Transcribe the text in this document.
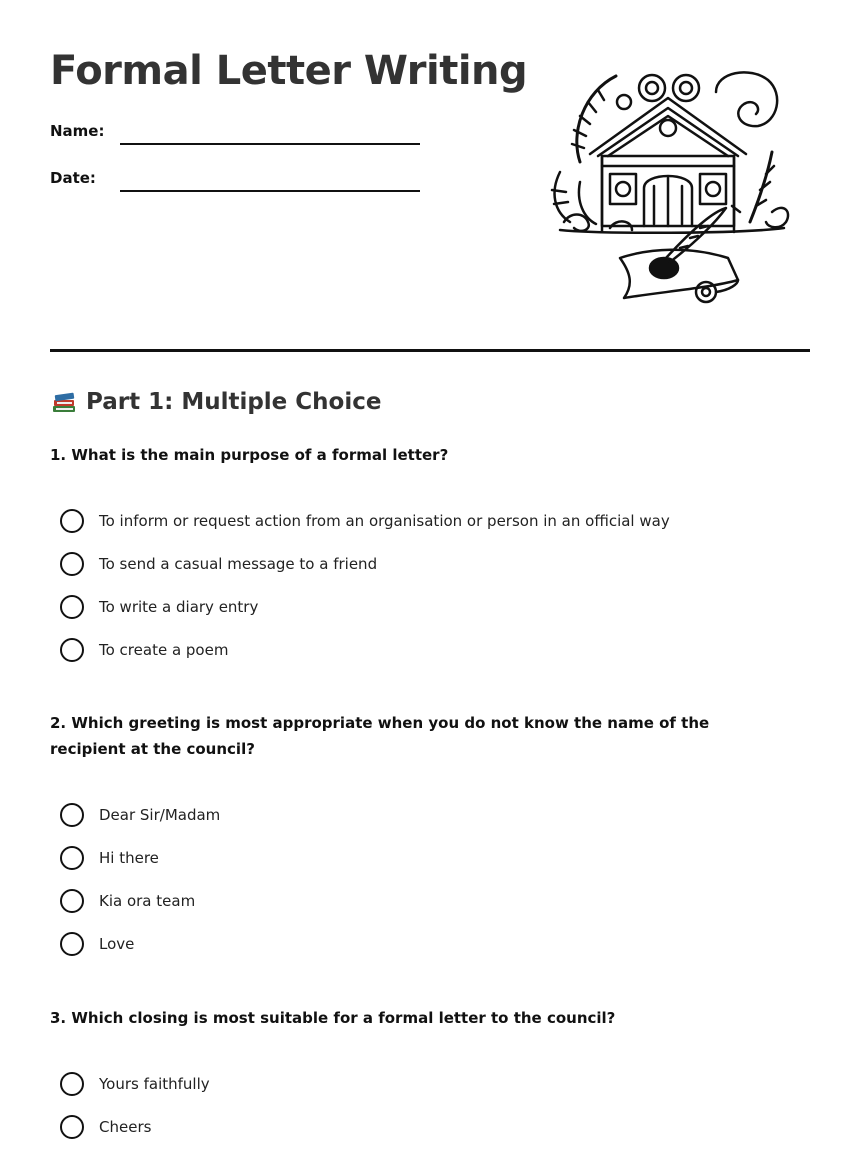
Formal Letter Writing
Name:
Date:
Part 1: Multiple Choice
1. What is the main purpose of a formal letter?
To inform or request action from an organisation or person in an official way
To send a casual message to a friend
To write a diary entry
To create a poem
2. Which greeting is most appropriate when you do not know the name of the recipient at the council?
Dear Sir/Madam
Hi there
Kia ora team
Love
3. Which closing is most suitable for a formal letter to the council?
Yours faithfully
Cheers
